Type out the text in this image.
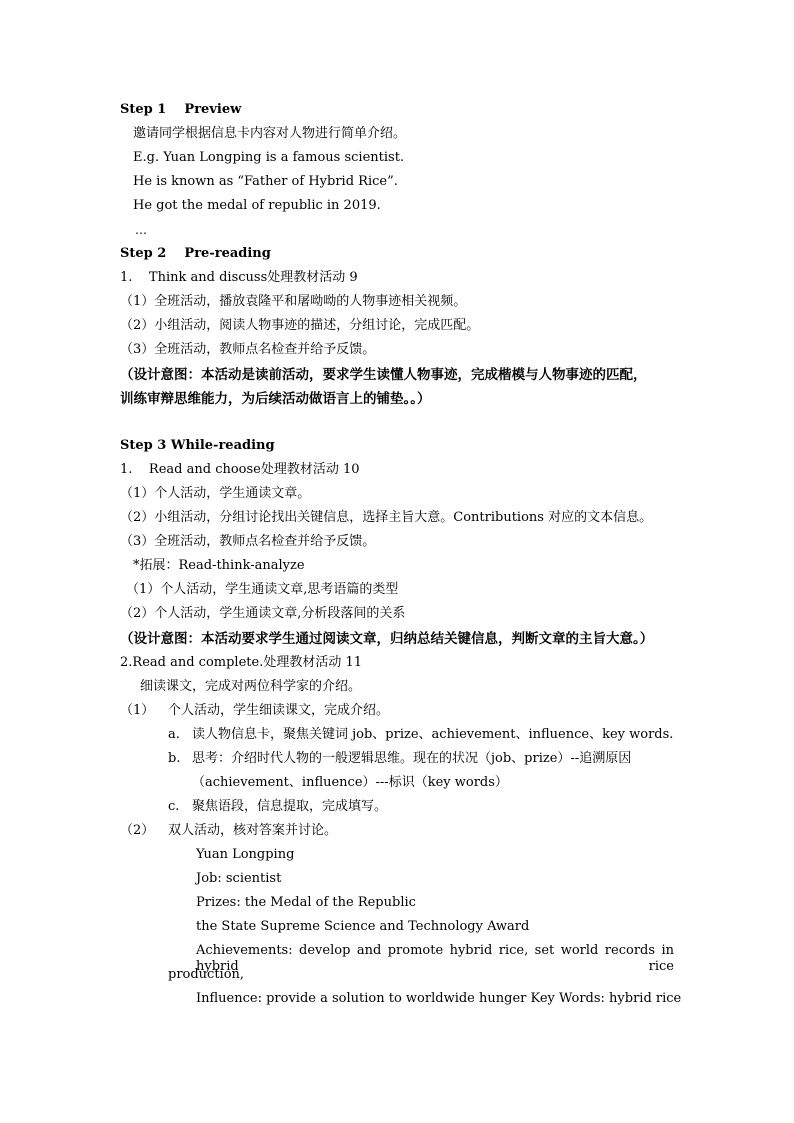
Step 1    Preview
邀请同学根据信息卡内容对人物进行简单介绍。
E.g. Yuan Longping is a famous scientist.
He is known as “Father of Hybrid Rice”.
He got the medal of republic in 2019.
…
Step 2    Pre-reading
1.    Think and discuss处理教材活动 9
（1）全班活动，播放袁隆平和屠呦呦的人物事迹相关视频。
（2）小组活动，阅读人物事迹的描述，分组讨论，完成匹配。
（3）全班活动，教师点名检查并给予反馈。
（设计意图：本活动是读前活动，要求学生读懂人物事迹，完成楷模与人物事迹的匹配，
训练审辩思维能力，为后续活动做语言上的铺垫。。）
Step 3 While-reading
1.    Read and choose处理教材活动 10
（1）个人活动，学生通读文章。
（2）小组活动，分组讨论找出关键信息，选择主旨大意。Contributions 对应的文本信息。
（3）全班活动，教师点名检查并给予反馈。
*拓展：Read-think-analyze
（1）个人活动，学生通读文章,思考语篇的类型
（2）个人活动，学生通读文章,分析段落间的关系
（设计意图：本活动要求学生通过阅读文章，归纳总结关键信息，判断文章的主旨大意。）
2.Read and complete.处理教材活动 11
细读课文，完成对两位科学家的介绍。
（1） 个人活动，学生细读课文，完成介绍。
a. 读人物信息卡，聚焦关键词 job、prize、achievement、influence、key words.
b. 思考：介绍时代人物的一般逻辑思维。现在的状况（job、prize）--追溯原因
（achievement、influence）---标识（key words）
c. 聚焦语段，信息提取，完成填写。
（2） 双人活动，核对答案并讨论。
Yuan Longping
Job: scientist
Prizes: the Medal of the Republic
the State Supreme Science and Technology Award
Achievements: develop and promote hybrid rice, set world records in hybrid rice
production,
Influence: provide a solution to worldwide hunger Key Words: hybrid rice
